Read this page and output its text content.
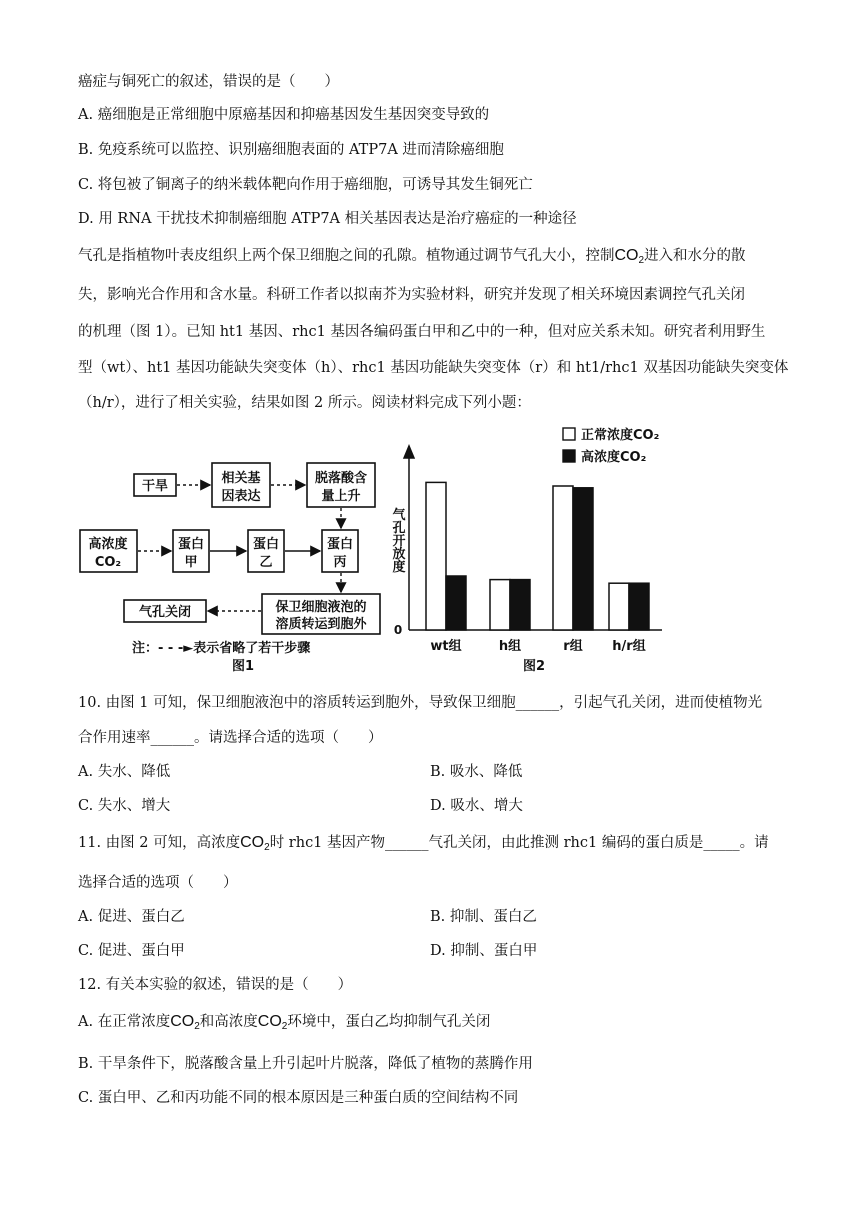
癌症与铜死亡的叙述，错误的是（　　）
A. 癌细胞是正常细胞中原癌基因和抑癌基因发生基因突变导致的
B. 免疫系统可以监控、识别癌细胞表面的 ATP7A 进而清除癌细胞
C. 将包被了铜离子的纳米载体靶向作用于癌细胞，可诱导其发生铜死亡
D. 用 RNA 干扰技术抑制癌细胞 ATP7A 相关基因表达是治疗癌症的一种途径
气孔是指植物叶表皮组织上两个保卫细胞之间的孔隙。植物通过调节气孔大小，控制$CO_2$进入和水分的散
失，影响光合作用和含水量。科研工作者以拟南芥为实验材料，研究并发现了相关环境因素调控气孔关闭
的机理（图 1）。已知 ht1 基因、rhc1 基因各编码蛋白甲和乙中的一种，但对应关系未知。研究者利用野生
型（wt）、ht1 基因功能缺失突变体（h）、rhc1 基因功能缺失突变体（r）和 ht1/rhc1 双基因功能缺失突变体
（h/r），进行了相关实验，结果如图 2 所示。阅读材料完成下列小题：
干旱
相关基
因表达
脱落酸含
量上升
高浓度
CO₂
蛋白
甲
蛋白
乙
蛋白
丙
保卫细胞液泡的
溶质转运到胞外
气孔关闭
注：- - -►表示省略了若干步骤
图1
0
气孔开放度
wt组	h组	r组 h/r组
正常浓度CO₂
高浓度CO₂
图2
10. 由图 1 可知，保卫细胞液泡中的溶质转运到胞外，导致保卫细胞______，引起气孔关闭，进而使植物光
合作用速率______。请选择合适的选项（　　）
A. 失水、降低	B. 吸水、降低
C. 失水、增大	D. 吸水、增大
11. 由图 2 可知，高浓度$CO_2$时 rhc1 基因产物______气孔关闭，由此推测 rhc1 编码的蛋白质是_____。请
选择合适的选项（　　）
A. 促进、蛋白乙	B. 抑制、蛋白乙
C. 促进、蛋白甲	D. 抑制、蛋白甲
12. 有关本实验的叙述，错误的是（　　）
A. 在正常浓度$CO_2$和高浓度$CO_2$环境中，蛋白乙均抑制气孔关闭
B. 干旱条件下，脱落酸含量上升引起叶片脱落，降低了植物的蒸腾作用
C. 蛋白甲、乙和丙功能不同的根本原因是三种蛋白质的空间结构不同
